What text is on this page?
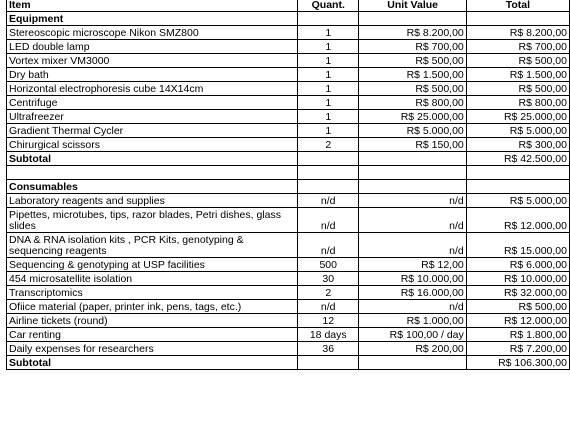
Item	Quant.	Unit Value	Total
Equipment			
Stereoscopic microscope Nikon SMZ800	1	R$ 8.200,00	R$ 8.200,00
LED double lamp	1	R$ 700,00	R$ 700,00
Vortex mixer VM3000	1	R$ 500,00	R$ 500,00
Dry bath	1	R$ 1.500,00	R$ 1.500,00
Horizontal electrophoresis cube 14X14cm	1	R$ 500,00	R$ 500,00
Centrifuge	1	R$ 800,00	R$ 800,00
Ultrafreezer	1	R$ 25.000,00	R$ 25.000,00
Gradient Thermal Cycler	1	R$ 5.000,00	R$ 5.000,00
Chirurgical scissors	2	R$ 150,00	R$ 300,00
Subtotal			R$ 42.500,00

Consumables			
Laboratory reagents and supplies	n/d	n/d	R$ 5.000,00
Pipettes, microtubes, tips, razor blades, Petri dishes, glass slides	n/d	n/d	R$ 12.000,00
DNA & RNA isolation kits , PCR Kits, genotyping & sequencing reagents	n/d	n/d	R$ 15.000,00
Sequencing & genotyping at USP facilities	500	R$ 12,00	R$ 6.000,00
454 microsatellite isolation	30	R$ 10.000,00	R$ 10.000,00
Transcriptomics	2	R$ 16.000,00	R$ 32.000,00
Ofiice material (paper, printer ink, pens, tags, etc.)	n/d	n/d	R$ 500,00
Airline tickets (round)	12	R$ 1.000,00	R$ 12.000,00
Car renting	18 days	R$ 100,00 / day	R$ 1.800,00
Daily expenses for researchers	36	R$ 200,00	R$ 7.200,00
Subtotal			R$ 106.300,00
